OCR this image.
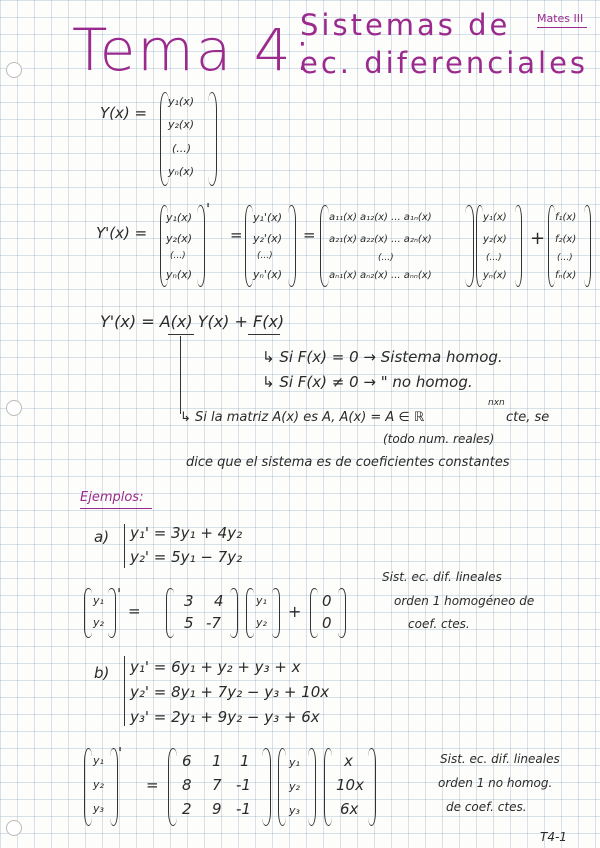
Tema 4:
Sistemas de
ec. diferenciales
Mates III
Y(x) =
y₁(x)
y₂(x)
(...)
yₙ(x)
Y'(x) =
y₁(x)
y₂(x)
(...)
yₙ(x)
'
=
y₁'(x)
y₂'(x)
(...)
yₙ'(x)
=
a₁₁(x) a₁₂(x) ... a₁ₙ(x)
a₂₁(x) a₂₂(x) ... a₂ₙ(x)
(...)
aₙ₁(x) aₙ₂(x) ... aₙₙ(x)
y₁(x)
y₂(x)
(...)
yₙ(x)
+
f₁(x)
f₂(x)
(...)
fₙ(x)
Y'(x) = A(x) Y(x) + F(x)
↳ Si F(x) = 0 → Sistema homog.
↳ Si F(x) ≠ 0 → " no homog.
↳ Si la matriz A(x) es A, A(x) = A ∈ ℝ
nxn
cte, se
(todo num. reales)
dice que el sistema es de coeficientes constantes
Ejemplos:
a) y₁' = 3y₁ + 4y₂
y₂' = 5y₁ − 7y₂
y₁
y₂
'
=
3 4
5 -7
y₁
y₂
+
0
0
Sist. ec. dif. lineales
orden 1 homogéneo de
coef. ctes.
b) y₁' = 6y₁ + y₂ + y₃ + x
y₂' = 8y₁ + 7y₂ − y₃ + 10x
y₃' = 2y₁ + 9y₂ − y₃ + 6x
y₁
y₂
y₃
'
=
6 1 1
8 7 -1
2 9 -1
y₁
y₂
y₃
x
10x
6x
Sist. ec. dif. lineales
orden 1 no homog.
de coef. ctes.
T4-1
